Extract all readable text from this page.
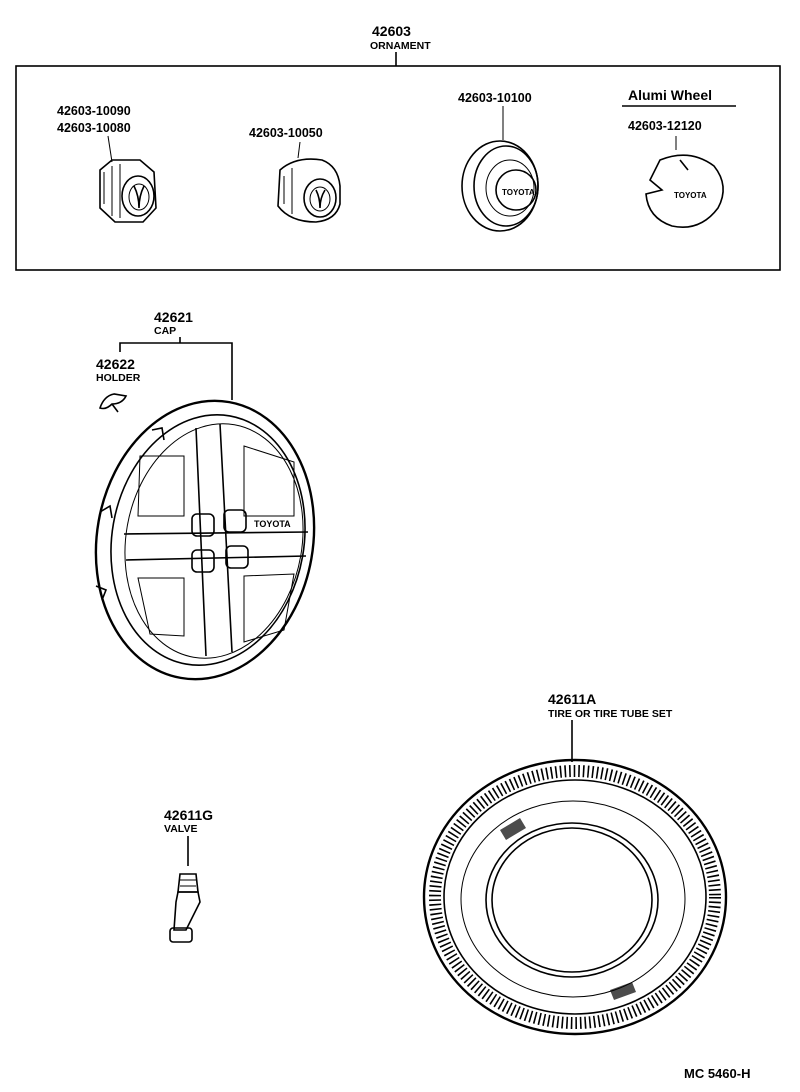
42603
ORNAMENT
42603-10090
42603-10080	42603-10050
42603-10100
TOYOTA
Alumi Wheel
42603-12120
TOYOTA
42621
CAP
42622
HOLDER
TOYOTA
42611G
VALVE
42611A
TIRE OR TIRE TUBE SET
MC 5460-H
